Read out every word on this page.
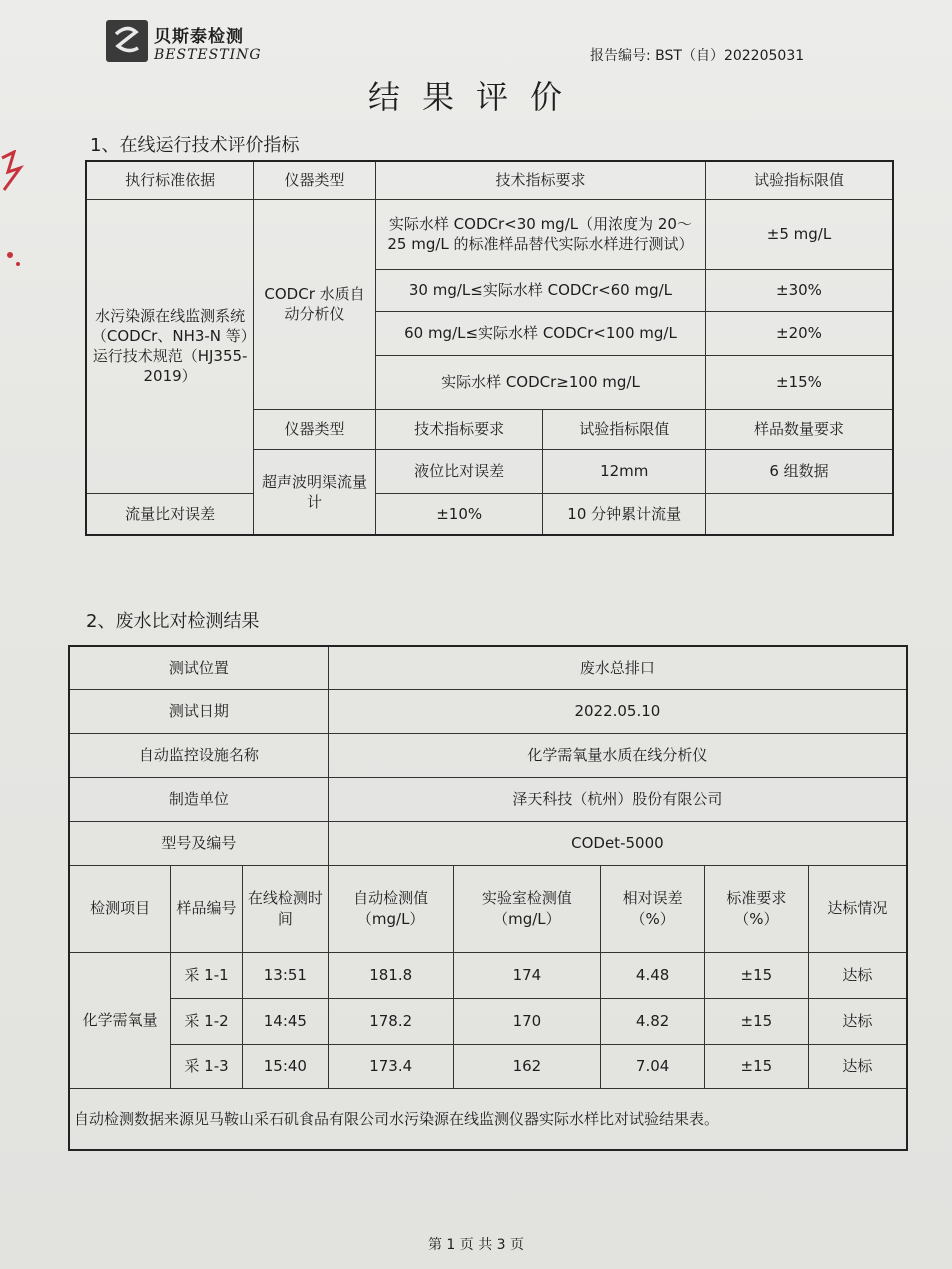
贝斯泰检测
BESTESTING	报告编号: BST（自）202205031
结果评价
1、在线运行技术评价指标
执行标准依据	仪器类型	技术指标要求		试验指标限值
水污染源在线监测系统（CODCr、NH3-N 等）运行技术规范（HJ355-2019）	CODCr 水质自动分析仪	实际水样 CODCr<30 mg/L（用浓度为 20～25 mg/L 的标准样品替代实际水样进行测试）		±5 mg/L
		30 mg/L≤实际水样 CODCr<60 mg/L		±30%
		60 mg/L≤实际水样 CODCr<100 mg/L		±20%
		实际水样 CODCr≥100 mg/L		±15%
	仪器类型	技术指标要求	试验指标限值	样品数量要求
	超声波明渠流量计	液位比对误差	12mm	6 组数据
流量比对误差		±10%	10 分钟累计流量	
2、废水比对检测结果
测试位置			废水总排口				
测试日期			2022.05.10				
自动监控设施名称			化学需氧量水质在线分析仪				
制造单位			泽天科技（杭州）股份有限公司				
型号及编号			CODet-5000				
检测项目	样品编号	在线检测时间	自动检测值（mg/L）	实验室检测值（mg/L）	相对误差（%）	标准要求（%）	达标情况
化学需氧量	采 1-1	13:51	181.8	174	4.48	±15	达标
	采 1-2	14:45	178.2	170	4.82	±15	达标
	采 1-3	15:40	173.4	162	7.04	±15	达标
自动检测数据来源见马鞍山采石矶食品有限公司水污染源在线监测仪器实际水样比对试验结果表。							
第 1 页 共 3 页
